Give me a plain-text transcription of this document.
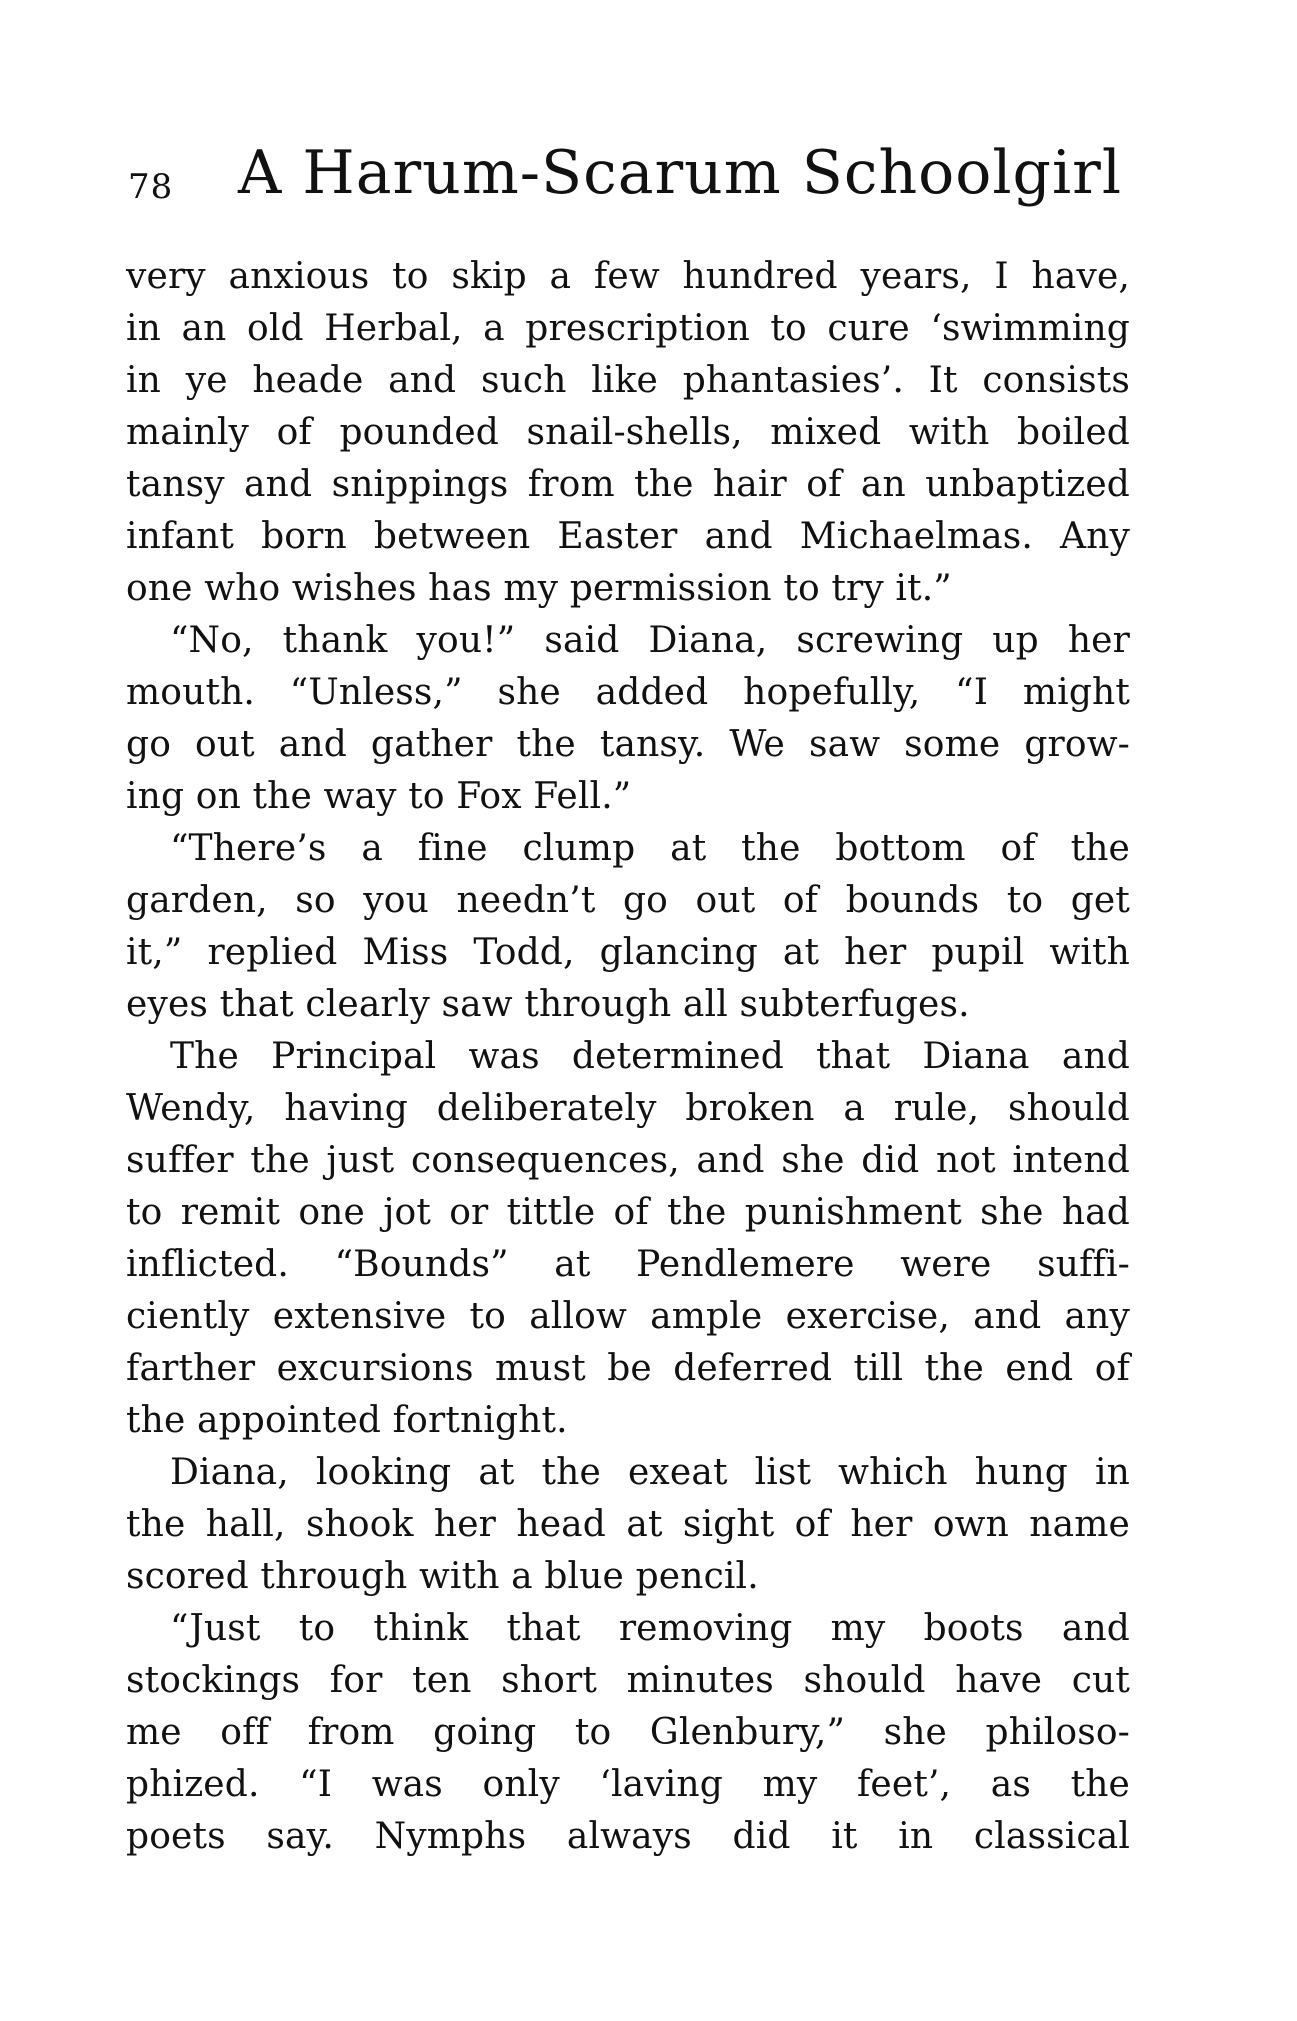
78 A Harum-Scarum Schoolgirl
very anxious to skip a few hundred years, I have,
in an old Herbal, a prescription to cure ‘swimming
in ye heade and such like phantasies’. It consists
mainly of pounded snail-shells, mixed with boiled
tansy and snippings from the hair of an unbaptized
infant born between Easter and Michaelmas. Any
one who wishes has my permission to try it.”
“No, thank you!” said Diana, screwing up her
mouth. “Unless,” she added hopefully, “I might
go out and gather the tansy. We saw some grow-
ing on the way to Fox Fell.”
“There’s a fine clump at the bottom of the
garden, so you needn’t go out of bounds to get
it,” replied Miss Todd, glancing at her pupil with
eyes that clearly saw through all subterfuges.
The Principal was determined that Diana and
Wendy, having deliberately broken a rule, should
suffer the just consequences, and she did not intend
to remit one jot or tittle of the punishment she had
inflicted. “Bounds” at Pendlemere were suffi-
ciently extensive to allow ample exercise, and any
farther excursions must be deferred till the end of
the appointed fortnight.
Diana, looking at the exeat list which hung in
the hall, shook her head at sight of her own name
scored through with a blue pencil.
“Just to think that removing my boots and
stockings for ten short minutes should have cut
me off from going to Glenbury,” she philoso-
phized. “I was only ‘laving my feet’, as the
poets say. Nymphs always did it in classical
